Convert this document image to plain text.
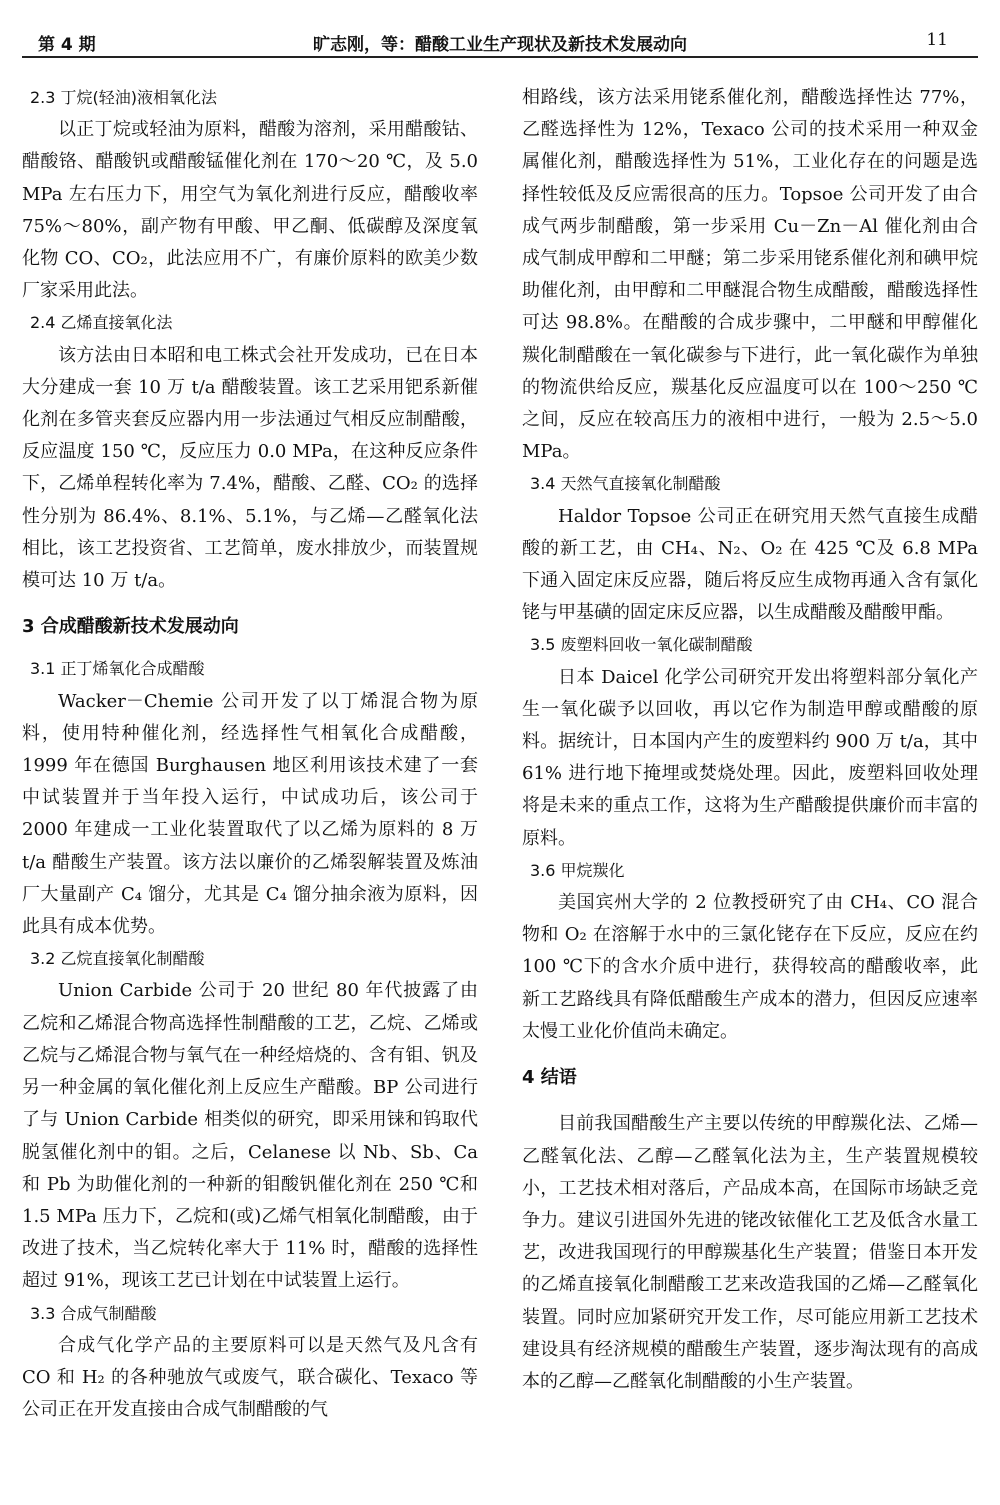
第 4 期	旷志刚，等：醋酸工业生产现状及新技术发展动向	11
2.3 丁烷(轻油)液相氧化法

以正丁烷或轻油为原料，醋酸为溶剂，采用醋酸钴、醋酸铬、醋酸钒或醋酸锰催化剂在 170～20 ℃，及 5.0 MPa 左右压力下，用空气为氧化剂进行反应，醋酸收率 75%～80%，副产物有甲酸、甲乙酮、低碳醇及深度氧化物 CO、CO₂，此法应用不广，有廉价原料的欧美少数厂家采用此法。

2.4 乙烯直接氧化法

该方法由日本昭和电工株式会社开发成功，已在日本大分建成一套 10 万 t/a 醋酸装置。该工艺采用钯系新催化剂在多管夹套反应器内用一步法通过气相反应制醋酸，反应温度 150 ℃，反应压力 0.0 MPa，在这种反应条件下，乙烯单程转化率为 7.4%，醋酸、乙醛、CO₂ 的选择性分别为 86.4%、8.1%、5.1%，与乙烯—乙醛氧化法相比，该工艺投资省、工艺简单，废水排放少，而装置规模可达 10 万 t/a。

3 合成醋酸新技术发展动向
3.1 正丁烯氧化合成醋酸

Wacker－Chemie 公司开发了以丁烯混合物为原料，使用特种催化剂，经选择性气相氧化合成醋酸，1999 年在德国 Burghausen 地区利用该技术建了一套中试装置并于当年投入运行，中试成功后，该公司于 2000 年建成一工业化装置取代了以乙烯为原料的 8 万 t/a 醋酸生产装置。该方法以廉价的乙烯裂解装置及炼油厂大量副产 C₄ 馏分，尤其是 C₄ 馏分抽余液为原料，因此具有成本优势。

3.2 乙烷直接氧化制醋酸

Union Carbide 公司于 20 世纪 80 年代披露了由乙烷和乙烯混合物高选择性制醋酸的工艺，乙烷、乙烯或乙烷与乙烯混合物与氧气在一种经焙烧的、含有钼、钒及另一种金属的氧化催化剂上反应生产醋酸。BP 公司进行了与 Union Carbide 相类似的研究，即采用铼和钨取代脱氢催化剂中的钼。之后，Celanese 以 Nb、Sb、Ca 和 Pb 为助催化剂的一种新的钼酸钒催化剂在 250 ℃和 1.5 MPa 压力下，乙烷和(或)乙烯气相氧化制醋酸，由于改进了技术，当乙烷转化率大于 11% 时，醋酸的选择性超过 91%，现该工艺已计划在中试装置上运行。

3.3 合成气制醋酸

合成气化学产品的主要原料可以是天然气及凡含有 CO 和 H₂ 的各种驰放气或废气，联合碳化、Texaco 等公司正在开发直接由合成气制醋酸的气

相路线，该方法采用铑系催化剂，醋酸选择性达 77%，乙醛选择性为 12%，Texaco 公司的技术采用一种双金属催化剂，醋酸选择性为 51%，工业化存在的问题是选择性较低及反应需很高的压力。Topsoe 公司开发了由合成气两步制醋酸，第一步采用 Cu－Zn－Al 催化剂由合成气制成甲醇和二甲醚；第二步采用铑系催化剂和碘甲烷助催化剂，由甲醇和二甲醚混合物生成醋酸，醋酸选择性可达 98.8%。在醋酸的合成步骤中，二甲醚和甲醇催化羰化制醋酸在一氧化碳参与下进行，此一氧化碳作为单独的物流供给反应，羰基化反应温度可以在 100～250 ℃之间，反应在较高压力的液相中进行，一般为 2.5～5.0 MPa。

3.4 天然气直接氧化制醋酸

Haldor Topsoe 公司正在研究用天然气直接生成醋酸的新工艺，由 CH₄、N₂、O₂ 在 425 ℃及 6.8 MPa 下通入固定床反应器，随后将反应生成物再通入含有氯化铑与甲基磺的固定床反应器，以生成醋酸及醋酸甲酯。

3.5 废塑料回收一氧化碳制醋酸

日本 Daicel 化学公司研究开发出将塑料部分氧化产生一氧化碳予以回收，再以它作为制造甲醇或醋酸的原料。据统计，日本国内产生的废塑料约 900 万 t/a，其中 61% 进行地下掩埋或焚烧处理。因此，废塑料回收处理将是未来的重点工作，这将为生产醋酸提供廉价而丰富的原料。

3.6 甲烷羰化

美国宾州大学的 2 位教授研究了由 CH₄、CO 混合物和 O₂ 在溶解于水中的三氯化铑存在下反应，反应在约 100 ℃下的含水介质中进行，获得较高的醋酸收率，此新工艺路线具有降低醋酸生产成本的潜力，但因反应速率太慢工业化价值尚未确定。

4 结语

目前我国醋酸生产主要以传统的甲醇羰化法、乙烯—乙醛氧化法、乙醇—乙醛氧化法为主，生产装置规模较小，工艺技术相对落后，产品成本高，在国际市场缺乏竞争力。建议引进国外先进的铑改铱催化工艺及低含水量工艺，改进我国现行的甲醇羰基化生产装置；借鉴日本开发的乙烯直接氧化制醋酸工艺来改造我国的乙烯—乙醛氧化装置。同时应加紧研究开发工作，尽可能应用新工艺技术建设具有经济规模的醋酸生产装置，逐步淘汰现有的高成本的乙醇—乙醛氧化制醋酸的小生产装置。
